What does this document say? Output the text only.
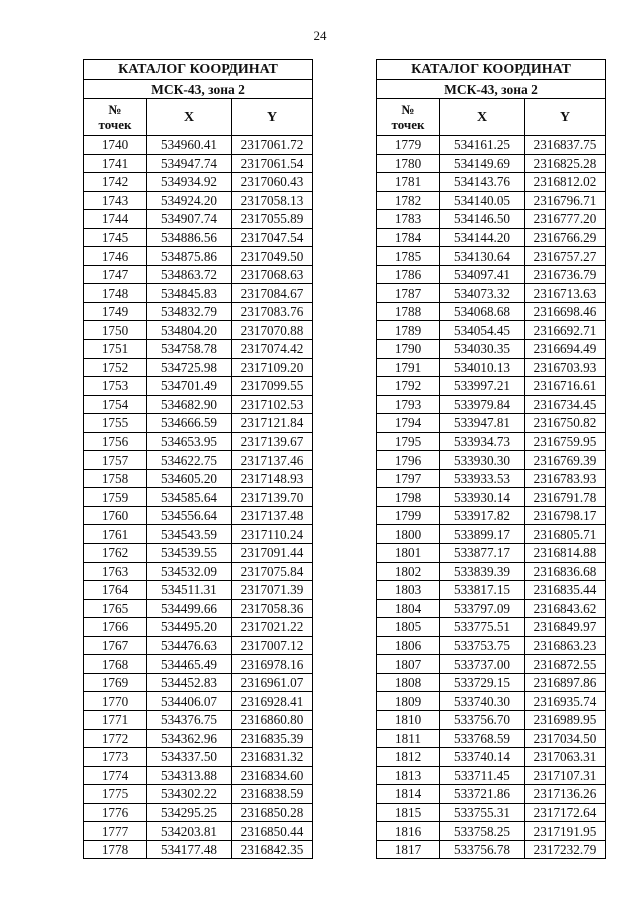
24
КАТАЛОГ КООРДИНАТ		
МСК-43, зона 2		
№
точек	X	Y
1740	534960.41	2317061.72
1741	534947.74	2317061.54
1742	534934.92	2317060.43
1743	534924.20	2317058.13
1744	534907.74	2317055.89
1745	534886.56	2317047.54
1746	534875.86	2317049.50
1747	534863.72	2317068.63
1748	534845.83	2317084.67
1749	534832.79	2317083.76
1750	534804.20	2317070.88
1751	534758.78	2317074.42
1752	534725.98	2317109.20
1753	534701.49	2317099.55
1754	534682.90	2317102.53
1755	534666.59	2317121.84
1756	534653.95	2317139.67
1757	534622.75	2317137.46
1758	534605.20	2317148.93
1759	534585.64	2317139.70
1760	534556.64	2317137.48
1761	534543.59	2317110.24
1762	534539.55	2317091.44
1763	534532.09	2317075.84
1764	534511.31	2317071.39
1765	534499.66	2317058.36
1766	534495.20	2317021.22
1767	534476.63	2317007.12
1768	534465.49	2316978.16
1769	534452.83	2316961.07
1770	534406.07	2316928.41
1771	534376.75	2316860.80
1772	534362.96	2316835.39
1773	534337.50	2316831.32
1774	534313.88	2316834.60
1775	534302.22	2316838.59
1776	534295.25	2316850.28
1777	534203.81	2316850.44
1778	534177.48	2316842.35
КАТАЛОГ КООРДИНАТ		
МСК-43, зона 2		
№
точек	X	Y
1779	534161.25	2316837.75
1780	534149.69	2316825.28
1781	534143.76	2316812.02
1782	534140.05	2316796.71
1783	534146.50	2316777.20
1784	534144.20	2316766.29
1785	534130.64	2316757.27
1786	534097.41	2316736.79
1787	534073.32	2316713.63
1788	534068.68	2316698.46
1789	534054.45	2316692.71
1790	534030.35	2316694.49
1791	534010.13	2316703.93
1792	533997.21	2316716.61
1793	533979.84	2316734.45
1794	533947.81	2316750.82
1795	533934.73	2316759.95
1796	533930.30	2316769.39
1797	533933.53	2316783.93
1798	533930.14	2316791.78
1799	533917.82	2316798.17
1800	533899.17	2316805.71
1801	533877.17	2316814.88
1802	533839.39	2316836.68
1803	533817.15	2316835.44
1804	533797.09	2316843.62
1805	533775.51	2316849.97
1806	533753.75	2316863.23
1807	533737.00	2316872.55
1808	533729.15	2316897.86
1809	533740.30	2316935.74
1810	533756.70	2316989.95
1811	533768.59	2317034.50
1812	533740.14	2317063.31
1813	533711.45	2317107.31
1814	533721.86	2317136.26
1815	533755.31	2317172.64
1816	533758.25	2317191.95
1817	533756.78	2317232.79
